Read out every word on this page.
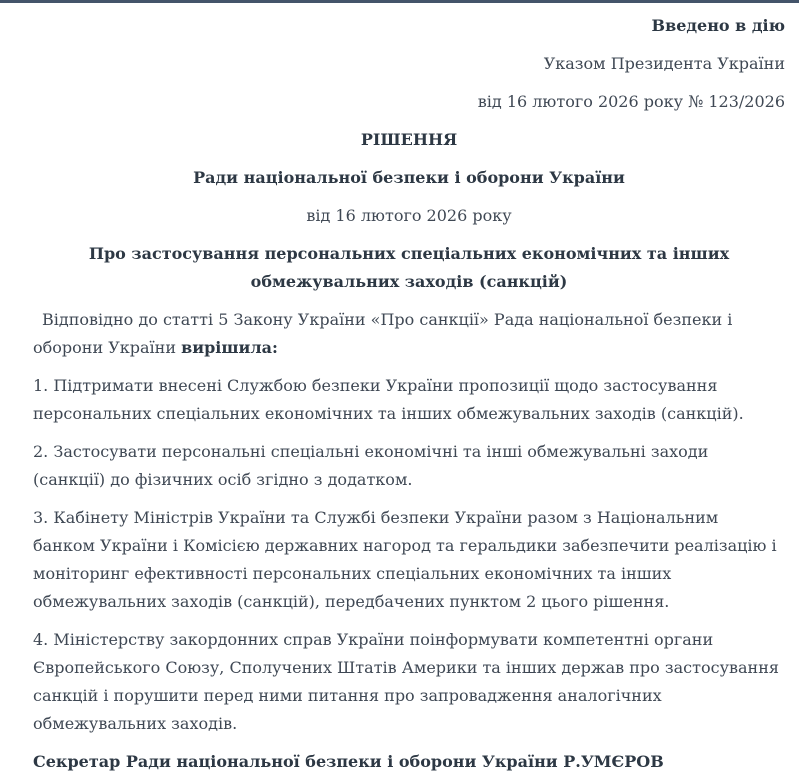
Введено в дію
Указом Президента України
від 16 лютого 2026 року № 123/2026
РІШЕННЯ
Ради національної безпеки і оборони України
від 16 лютого 2026 року
Про застосування персональних спеціальних економічних та інших обмежувальних заходів (санкцій)
Відповідно до статті 5 Закону України «Про санкції» Рада національної безпеки і оборони України вирішила:
1. Підтримати внесені Службою безпеки України пропозиції щодо застосування персональних спеціальних економічних та інших обмежувальних заходів (санкцій).
2. Застосувати персональні спеціальні економічні та інші обмежувальні заходи (санкції) до фізичних осіб згідно з додатком.
3. Кабінету Міністрів України та Службі безпеки України разом з Національним банком України і Комісією державних нагород та геральдики забезпечити реалізацію і моніторинг ефективності персональних спеціальних економічних та інших обмежувальних заходів (санкцій), передбачених пунктом 2 цього рішення.
4. Міністерству закордонних справ України поінформувати компетентні органи Європейського Союзу, Сполучених Штатів Америки та інших держав про застосування санкцій і порушити перед ними питання про запровадження аналогічних обмежувальних заходів.
Секретар Ради національної безпеки і оборони України Р.УМЄРОВ
